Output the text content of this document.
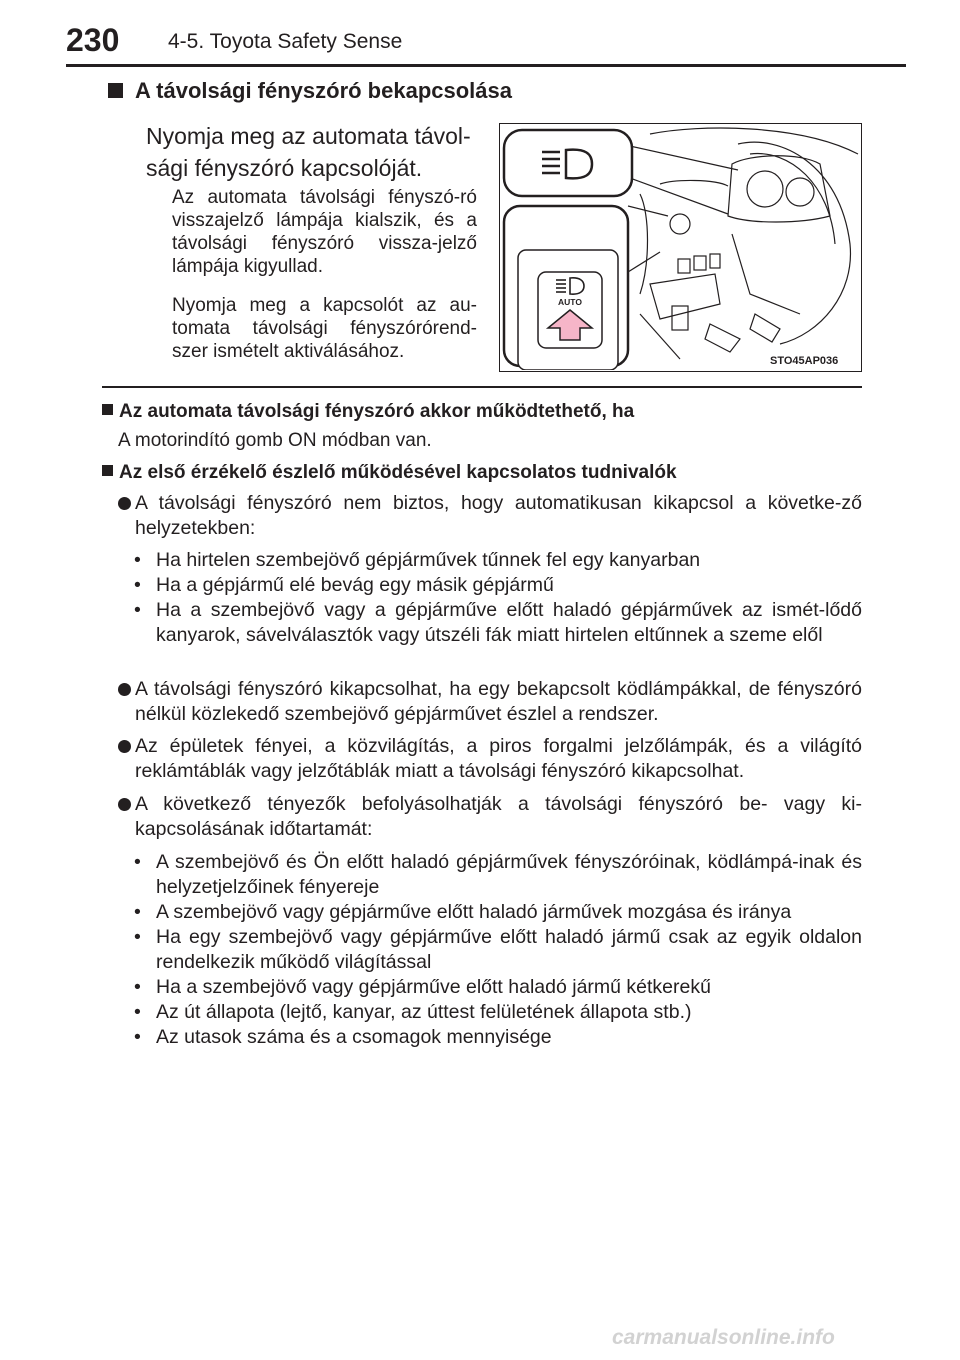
230 4-5. Toyota Safety Sense
A távolsági fényszóró bekapcsolása
Nyomja meg az automata távol-sági fényszóró kapcsolóját.
Az automata távolsági fényszó-ró visszajelző lámpája kialszik, és a távolsági fényszóró vissza-jelző lámpája kigyullad.
Nyomja meg a kapcsolót az au-tomata távolsági fényszórórend-szer ismételt aktiválásához.
AUTO
STO45AP036
Az automata távolsági fényszóró akkor működtethető, ha
A motorindító gomb ON módban van.
Az első érzékelő észlelő működésével kapcsolatos tudnivalók
A távolsági fényszóró nem biztos, hogy automatikusan kikapcsol a követke-ző helyzetekben:
• Ha hirtelen szembejövő gépjárművek tűnnek fel egy kanyarban
• Ha a gépjármű elé bevág egy másik gépjármű
• Ha a szembejövő vagy a gépjárműve előtt haladó gépjárművek az ismét-lődő kanyarok, sávelválasztók vagy útszéli fák miatt hirtelen eltűnnek a szeme elől
A távolsági fényszóró kikapcsolhat, ha egy bekapcsolt ködlámpákkal, de fényszóró nélkül közlekedő szembejövő gépjárművet észlel a rendszer.
Az épületek fényei, a közvilágítás, a piros forgalmi jelzőlámpák, és a világító reklámtáblák vagy jelzőtáblák miatt a távolsági fényszóró kikapcsolhat.
A következő tényezők befolyásolhatják a távolsági fényszóró be- vagy ki-kapcsolásának időtartamát:
• A szembejövő és Ön előtt haladó gépjárművek fényszóróinak, ködlámpá-inak és helyzetjelzőinek fényereje
• A szembejövő vagy gépjárműve előtt haladó járművek mozgása és iránya
• Ha egy szembejövő vagy gépjárműve előtt haladó jármű csak az egyik oldalon rendelkezik működő világítással
• Ha a szembejövő vagy gépjárműve előtt haladó jármű kétkerekű
• Az út állapota (lejtő, kanyar, az úttest felületének állapota stb.)
• Az utasok száma és a csomagok mennyisége
carmanualsonline.info
